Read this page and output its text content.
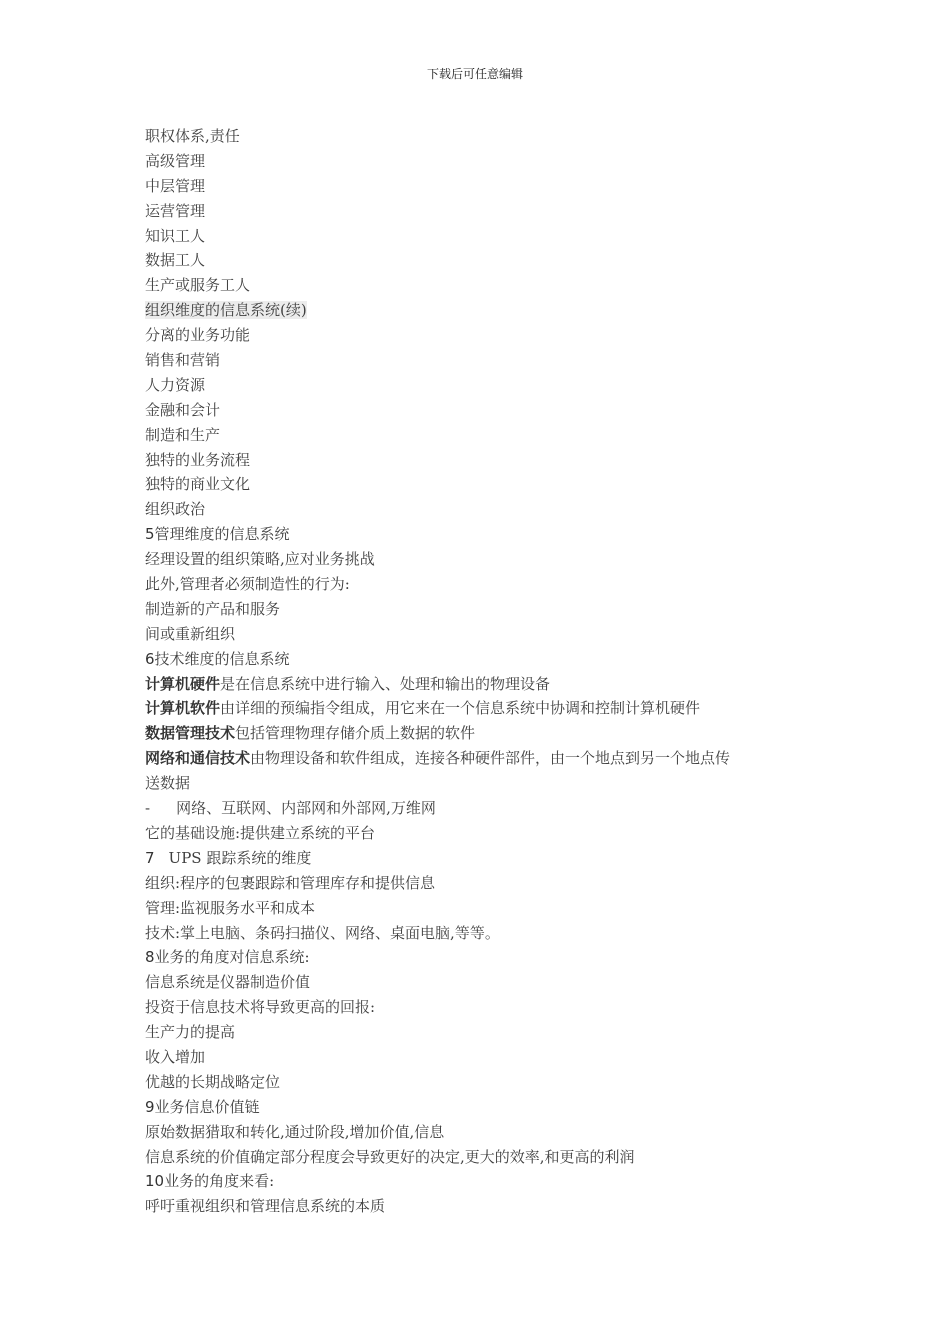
下载后可任意编辑
职权体系,责任
高级管理
中层管理
运营管理
知识工人
数据工人
生产或服务工人
组织维度的信息系统(续)
分离的业务功能
销售和营销
人力资源
金融和会计
制造和生产
独特的业务流程
独特的商业文化
组织政治
5管理维度的信息系统
经理设置的组织策略,应对业务挑战
此外,管理者必须制造性的行为:
制造新的产品和服务
间或重新组织
6技术维度的信息系统
计算机硬件是在信息系统中进行输入、处理和输出的物理设备
计算机软件由详细的预编指令组成，用它来在一个信息系统中协调和控制计算机硬件
数据管理技术包括管理物理存储介质上数据的软件
网络和通信技术由物理设备和软件组成，连接各种硬件部件，由一个地点到另一个地点传
送数据
- 网络、互联网、内部网和外部网,万维网
它的基础设施:提供建立系统的平台
7 UPS 跟踪系统的维度
组织:程序的包裹跟踪和管理库存和提供信息
管理:监视服务水平和成本
技术:掌上电脑、条码扫描仪、网络、桌面电脑,等等。
8业务的角度对信息系统:
信息系统是仪器制造价值
投资于信息技术将导致更高的回报:
生产力的提高
收入增加
优越的长期战略定位
9业务信息价值链
原始数据猎取和转化,通过阶段,增加价值,信息
信息系统的价值确定部分程度会导致更好的决定,更大的效率,和更高的利润
10业务的角度来看:
呼吁重视组织和管理信息系统的本质
